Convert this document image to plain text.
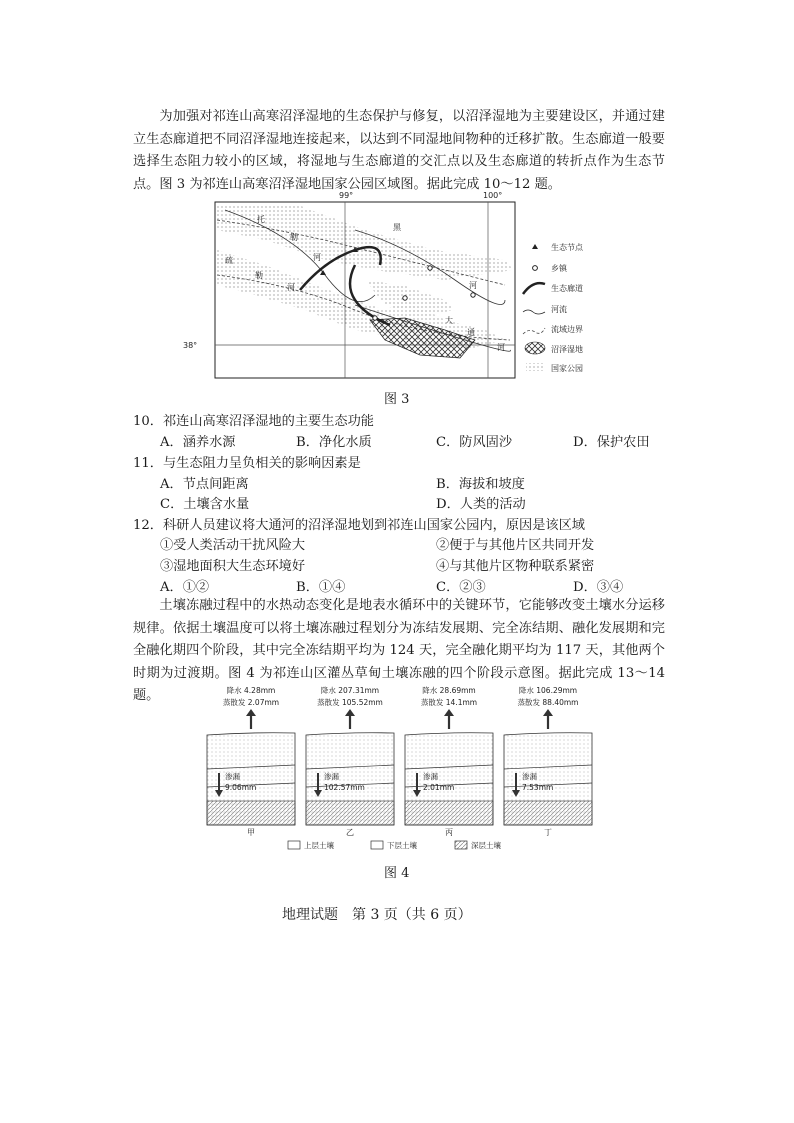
为加强对祁连山高寒沼泽湿地的生态保护与修复，以沼泽湿地为主要建设区，并通过建立生态廊道把不同沼泽湿地连接起来，以达到不同湿地间物种的迁移扩散。生态廊道一般要选择生态阻力较小的区域，将湿地与生态廊道的交汇点以及生态廊道的转折点作为生态节点。图 3 为祁连山高寒沼泽湿地国家公园区域图。据此完成 10～12 题。

99°	100°
38°
托
勒
河
疏
勒
河
黑
河
大
通
河
生态节点
乡镇
生态廊道
河流
流域边界
沼泽湿地
国家公园
图 3
10．祁连山高寒沼泽湿地的主要生态功能
A．涵养水源	B．净化水质	C．防风固沙	D．保护农田
11．与生态阻力呈负相关的影响因素是
A．节点间距离	B．海拔和坡度
C．土壤含水量	D．人类的活动
12．科研人员建议将大通河的沼泽湿地划到祁连山国家公园内，原因是该区域
①受人类活动干扰风险大	②便于与其他片区共同开发
③湿地面积大生态环境好	④与其他片区物种联系紧密
A．①②	B．①④	C．②③	D．③④

土壤冻融过程中的水热动态变化是地表水循环中的关键环节，它能够改变土壤水分运移规律。依据土壤温度可以将土壤冻融过程划分为冻结发展期、完全冻结期、融化发展期和完全融化期四个阶段，其中完全冻结期平均为 124 天，完全融化期平均为 117 天，其他两个时期为过渡期。图 4 为祁连山区灌丛草甸土壤冻融的四个阶段示意图。据此完成 13～14 题。	降水 4.28mm
蒸散发 2.07mm
渗漏
9.06mm
甲
降水 207.31mm
蒸散发 105.52mm
渗漏
102.57mm
乙
降水 28.69mm
蒸散发 14.1mm
渗漏
2.01mm
丙
降水 106.29mm
蒸散发 88.40mm
渗漏
7.53mm
丁
上层土壤	下层土壤	深层土壤
图 4
地理试题　第 3 页（共 6 页）
